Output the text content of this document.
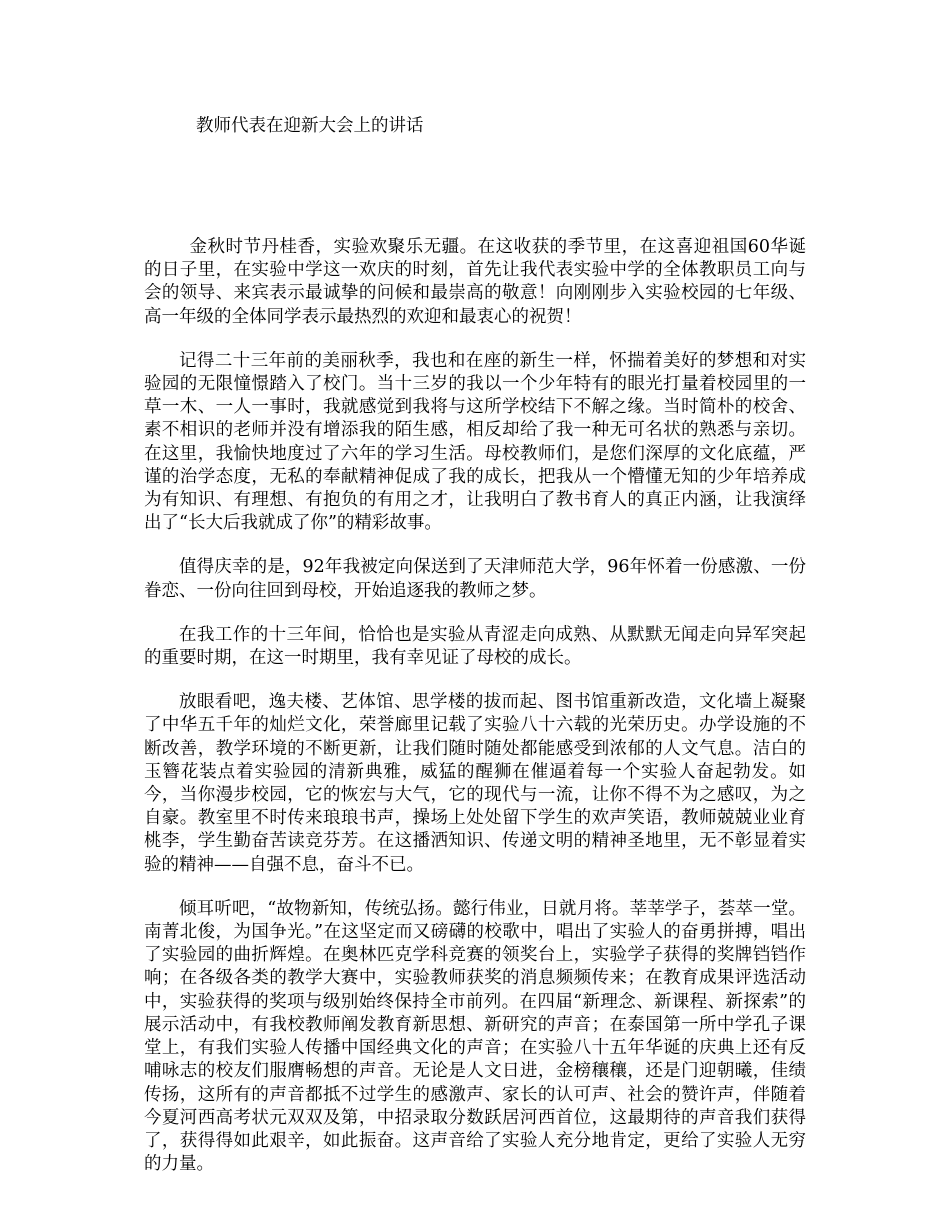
教师代表在迎新大会上的讲话

金秋时节丹桂香，实验欢聚乐无疆。在这收获的季节里，在这喜迎祖国60华诞的日子里，在实验中学这一欢庆的时刻，首先让我代表实验中学的全体教职员工向与会的领导、来宾表示最诚挚的问候和最崇高的敬意！向刚刚步入实验校园的七年级、高一年级的全体同学表示最热烈的欢迎和最衷心的祝贺！

记得二十三年前的美丽秋季，我也和在座的新生一样，怀揣着美好的梦想和对实验园的无限憧憬踏入了校门。当十三岁的我以一个少年特有的眼光打量着校园里的一草一木、一人一事时，我就感觉到我将与这所学校结下不解之缘。当时简朴的校舍、素不相识的老师并没有增添我的陌生感，相反却给了我一种无可名状的熟悉与亲切。在这里，我愉快地度过了六年的学习生活。母校教师们，是您们深厚的文化底蕴，严谨的治学态度，无私的奉献精神促成了我的成长，把我从一个懵懂无知的少年培养成为有知识、有理想、有抱负的有用之才，让我明白了教书育人的真正内涵，让我演绎出了“长大后我就成了你”的精彩故事。

值得庆幸的是，92年我被定向保送到了天津师范大学，96年怀着一份感激、一份眷恋、一份向往回到母校，开始追逐我的教师之梦。

在我工作的十三年间，恰恰也是实验从青涩走向成熟、从默默无闻走向异军突起的重要时期，在这一时期里，我有幸见证了母校的成长。

放眼看吧，逸夫楼、艺体馆、思学楼的拔而起、图书馆重新改造，文化墙上凝聚了中华五千年的灿烂文化，荣誉廊里记载了实验八十六载的光荣历史。办学设施的不断改善，教学环境的不断更新，让我们随时随处都能感受到浓郁的人文气息。洁白的玉簪花装点着实验园的清新典雅，威猛的醒狮在催逼着每一个实验人奋起勃发。如今，当你漫步校园，它的恢宏与大气，它的现代与一流，让你不得不为之感叹，为之自豪。教室里不时传来琅琅书声，操场上处处留下学生的欢声笑语，教师兢兢业业育桃李，学生勤奋苦读竞芬芳。在这播洒知识、传递文明的精神圣地里，无不彰显着实验的精神——自强不息，奋斗不已。

倾耳听吧，“故物新知，传统弘扬。懿行伟业，日就月将。莘莘学子，荟萃一堂。南菁北俊，为国争光。”在这坚定而又磅礴的校歌中，唱出了实验人的奋勇拼搏，唱出了实验园的曲折辉煌。在奥林匹克学科竞赛的领奖台上，实验学子获得的奖牌铛铛作响；在各级各类的教学大赛中，实验教师获奖的消息频频传来；在教育成果评选活动中，实验获得的奖项与级别始终保持全市前列。在四届“新理念、新课程、新探索”的展示活动中，有我校教师阐发教育新思想、新研究的声音；在泰国第一所中学孔子课堂上，有我们实验人传播中国经典文化的声音；在实验八十五年华诞的庆典上还有反哺咏志的校友们服膺畅想的声音。无论是人文日进，金榜穰穰，还是门迎朝曦，佳绩传扬，这所有的声音都抵不过学生的感激声、家长的认可声、社会的赞许声，伴随着今夏河西高考状元双双及第，中招录取分数跃居河西首位，这最期待的声音我们获得了，获得得如此艰辛，如此振奋。这声音给了实验人充分地肯定，更给了实验人无穷的力量。
